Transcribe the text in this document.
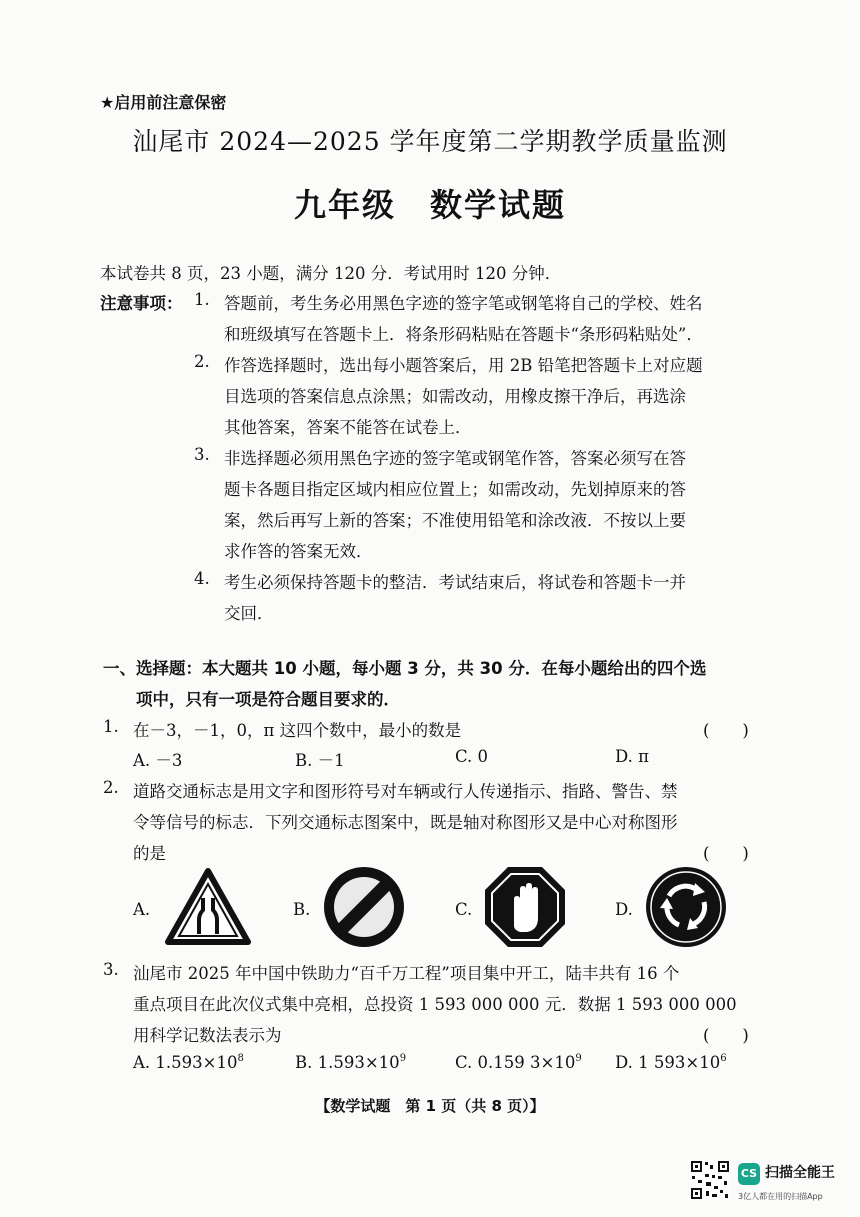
★启用前注意保密
汕尾市 2024—2025 学年度第二学期教学质量监测
九年级　数学试题
本试卷共 8 页，23 小题，满分 120 分．考试用时 120 分钟．
注意事项： 1. 答题前，考生务必用黑色字迹的签字笔或钢笔将自己的学校、姓名
和班级填写在答题卡上．将条形码粘贴在答题卡“条形码粘贴处”．
2. 作答选择题时，选出每小题答案后，用 2B 铅笔把答题卡上对应题
目选项的答案信息点涂黑；如需改动，用橡皮擦干净后，再选涂
其他答案，答案不能答在试卷上．
3. 非选择题必须用黑色字迹的签字笔或钢笔作答，答案必须写在答
题卡各题目指定区域内相应位置上；如需改动，先划掉原来的答
案，然后再写上新的答案；不准使用铅笔和涂改液．不按以上要
求作答的答案无效．
4. 考生必须保持答题卡的整洁．考试结束后，将试卷和答题卡一并
交回．
一、选择题：本大题共 10 小题，每小题 3 分，共 30 分．在每小题给出的四个选
项中，只有一项是符合题目要求的．
1. 在－3，－1，0，π 这四个数中，最小的数是	(　　)
A. －3	B. －1	C. 0	D. π
2. 道路交通标志是用文字和图形符号对车辆或行人传递指示、指路、警告、禁
令等信号的标志．下列交通标志图案中，既是轴对称图形又是中心对称图形
的是	(　　)
A.	B.	C.	D.
3. 汕尾市 2025 年中国中铁助力“百千万工程”项目集中开工，陆丰共有 16 个
重点项目在此次仪式集中亮相，总投资 1 593 000 000 元．数据 1 593 000 000
用科学记数法表示为	(　　)
A. $1.593\times 10^8$	B. $1.593\times 10^9$	C. 0.159 $3\times 10^9$ D. 1 $593\times 10^6$
【数学试题　第 1 页（共 8 页）】
CS 扫描全能王
3亿人都在用的扫描App
